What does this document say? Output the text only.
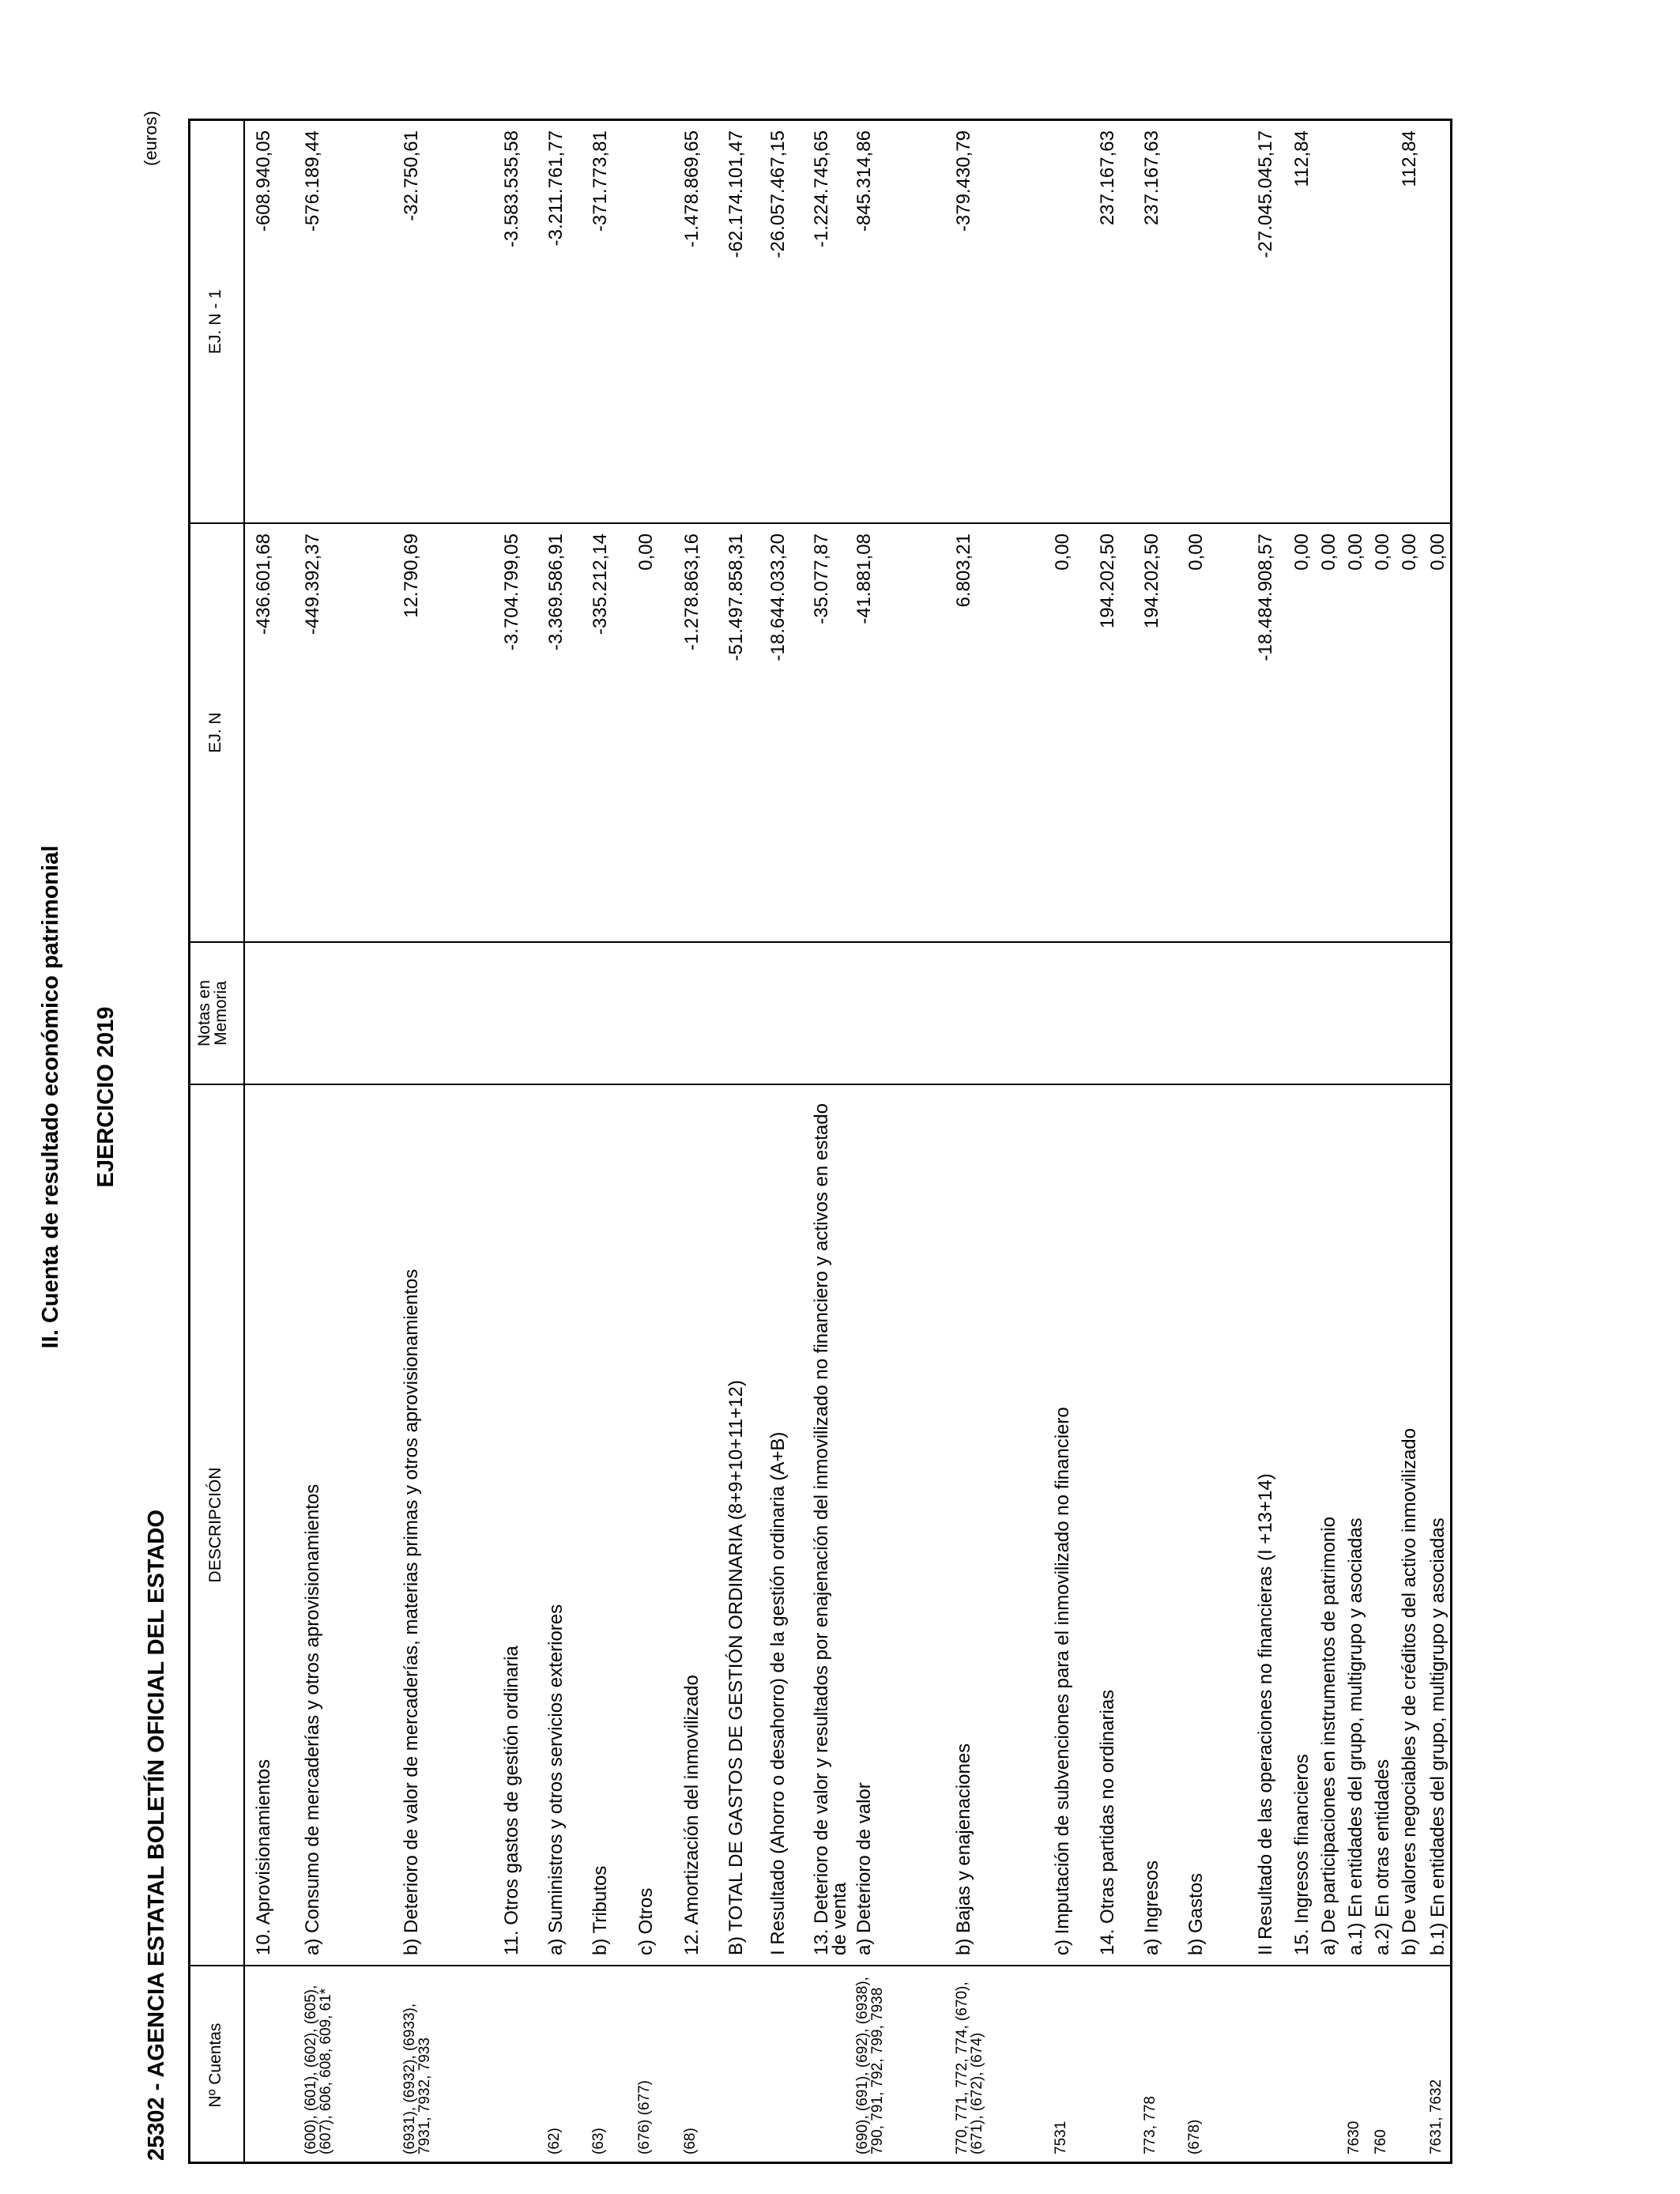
II. Cuenta de resultado económico patrimonial EJERCICIO 2019
25302 - AGENCIA ESTATAL BOLETÍN OFICIAL DEL ESTADO
(euros)
Nº Cuentas
DESCRIPCIÓN
Notas en
Memoria
EJ. N
EJ. N - 1
10. Aprovisionamientos
-436.601,68
-608.940,05
(600), (601), (602), (605), (607), 606, 608, 609, 61*
a) Consumo de mercaderías y otros aprovisionamientos
-449.392,37
-576.189,44
(6931), (6932), (6933), 7931, 7932, 7933
b) Deterioro de valor de mercaderías, materias primas y otros aprovisionamientos
12.790,69
-32.750,61
11. Otros gastos de gestión ordinaria
-3.704.799,05
-3.583.535,58
(62)
a) Suministros y otros servicios exteriores
-3.369.586,91
-3.211.761,77
(63)
b) Tributos
-335.212,14
-371.773,81
(676) (677)
c) Otros
0,00
(68)
12. Amortización del inmovilizado
-1.278.863,16
-1.478.869,65
B) TOTAL DE GASTOS DE GESTIÓN ORDINARIA (8+9+10+11+12)
-51.497.858,31
-62.174.101,47
I Resultado (Ahorro o desahorro) de la gestión ordinaria (A+B)
-18.644.033,20
-26.057.467,15
13. Deterioro de valor y resultados por enajenación del inmovilizado no financiero y activos en estado de venta
-35.077,87
-1.224.745,65
(690), (691), (692), (6938), 790, 791, 792, 799, 7938
a) Deterioro de valor
-41.881,08
-845.314,86
770, 771, 772, 774, (670), (671), (672), (674)
b) Bajas y enajenaciones
6.803,21
-379.430,79
7531
c) Imputación de subvenciones para el inmovilizado no financiero
0,00
14. Otras partidas no ordinarias
194.202,50
237.167,63
773, 778
a) Ingresos
194.202,50
237.167,63
(678)
b) Gastos
0,00
II Resultado de las operaciones no financieras (I +13+14)
-18.484.908,57
-27.045.045,17
15. Ingresos financieros
0,00
112,84
a) De participaciones en instrumentos de patrimonio
0,00
7630
a.1) En entidades del grupo, multigrupo y asociadas
0,00
760
a.2) En otras entidades
0,00
b) De valores negociables y de créditos del activo inmovilizado
0,00
112,84
7631, 7632
b.1) En entidades del grupo, multigrupo y asociadas
0,00
